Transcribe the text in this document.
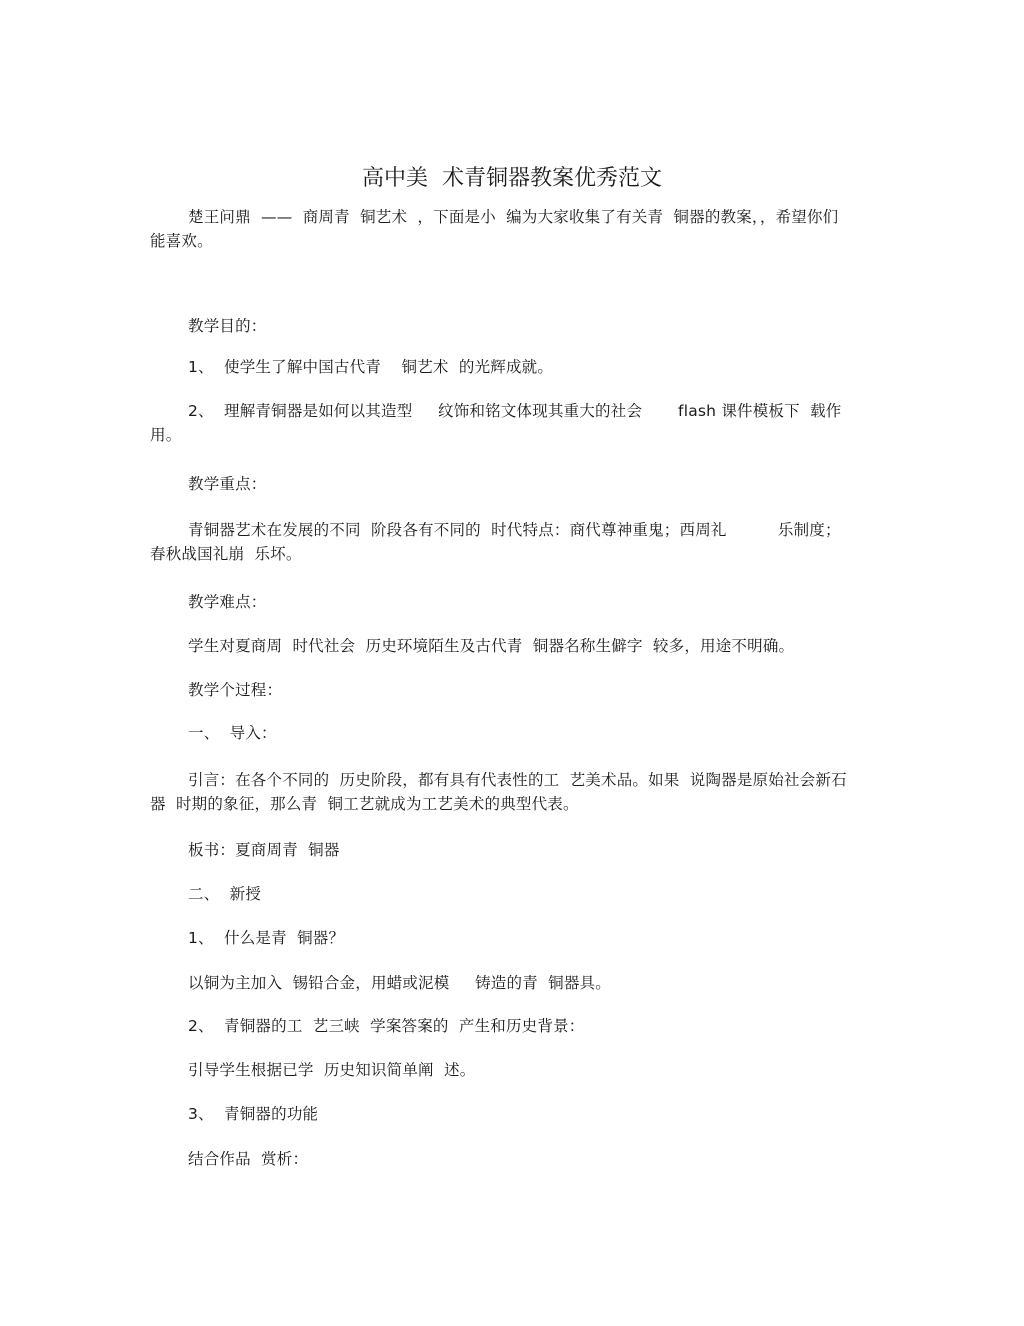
高中美  术青铜器教案优秀范文
楚王问鼎  ——  商周青  铜艺术  ，下面是小  编为大家收集了有关青  铜器的教案，，希望你们能喜欢。
教学目的：
1、  使学生了解中国古代青    铜艺术  的光辉成就。
2、  理解青铜器是如何以其造型     纹饰和铭文体现其重大的社会       flash 课件模板下  载作用。
教学重点：
青铜器艺术在发展的不同  阶段各有不同的  时代特点：商代尊神重鬼；西周礼          乐制度；春秋战国礼崩  乐坏。
教学难点：
学生对夏商周  时代社会  历史环境陌生及古代青  铜器名称生僻字  较多，用途不明确。
教学个过程：
一、  导入：
引言：在各个不同的  历史阶段，都有具有代表性的工  艺美术品。如果  说陶器是原始社会新石器  时期的象征，那么青  铜工艺就成为工艺美术的典型代表。
板书：夏商周青  铜器
二、  新授
1、  什么是青  铜器？
以铜为主加入  锡铅合金，用蜡或泥模     铸造的青  铜器具。
2、  青铜器的工  艺三峡  学案答案的  产生和历史背景：
引导学生根据已学  历史知识简单阐  述。
3、  青铜器的功能
结合作品  赏析：
